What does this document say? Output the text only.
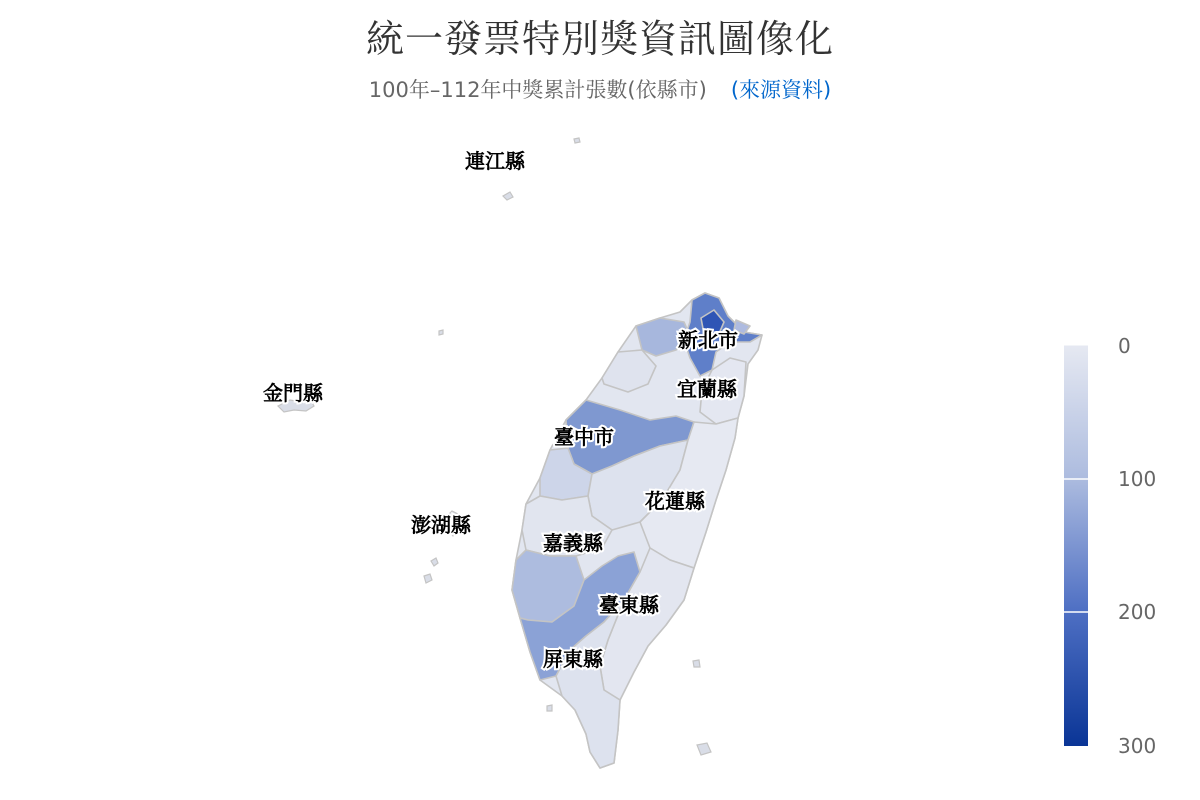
統一發票特別獎資訊圖像化
100年–112年中獎累計張數(依縣市) (來源資料)
連江縣
金門縣
澎湖縣
新北市
宜蘭縣
臺中市
花蓮縣
嘉義縣
臺東縣
屏東縣
0
100
200
300
